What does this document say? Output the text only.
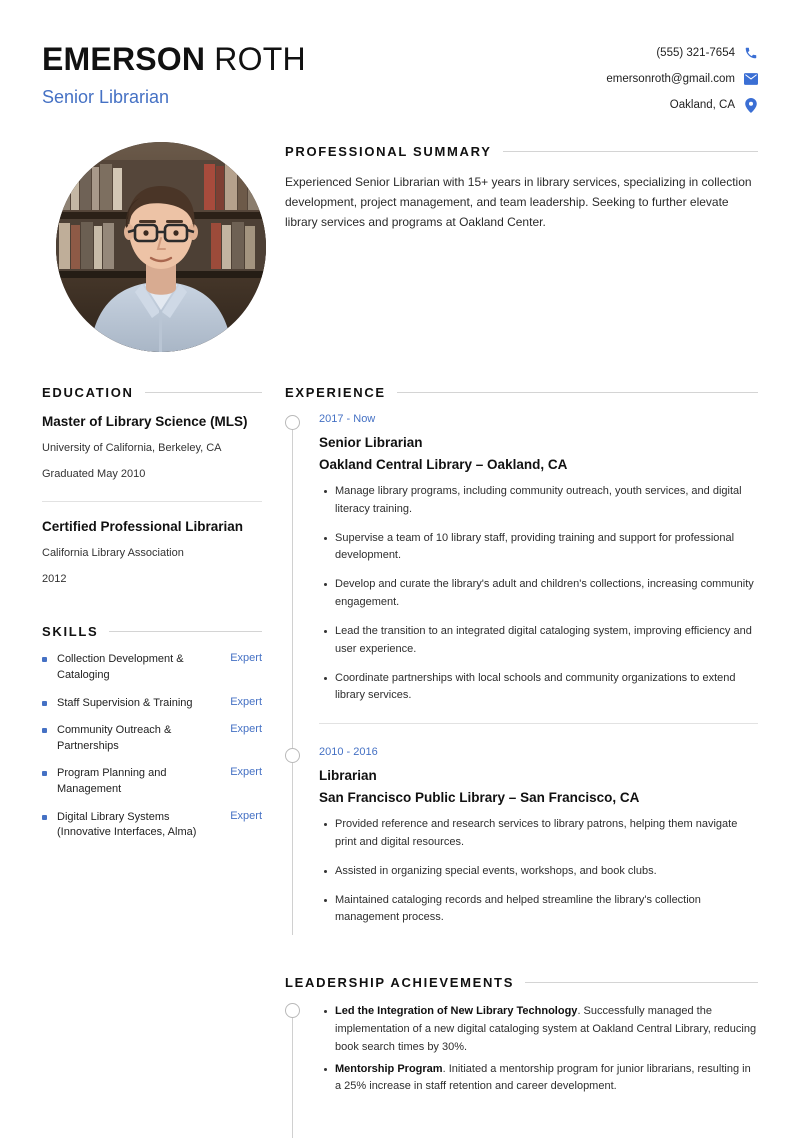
EMERSON ROTH
Senior Librarian
(555) 321-7654
emersonroth@gmail.com
Oakland, CA
PROFESSIONAL SUMMARY

Experienced Senior Librarian with 15+ years in library services, specializing in collection development, project management, and team leadership. Seeking to further elevate library services and programs at Oakland Center.

EDUCATION
Master of Library Science (MLS)
University of California, Berkeley, CA
Graduated May 2010
Certified Professional Librarian
California Library Association
2012
SKILLS
Collection Development & Cataloging
Expert
Staff Supervision & Training	Expert
Community Outreach & Partnerships
Expert
Program Planning and Management
Expert
Digital Library Systems (Innovative Interfaces, Alma)
Expert
EXPERIENCE
2017 - Now
Senior Librarian
Oakland Central Library – Oakland, CA
Manage library programs, including community outreach, youth services, and digital literacy training.
Supervise a team of 10 library staff, providing training and support for professional development.
Develop and curate the library's adult and children's collections, increasing community engagement.
Lead the transition to an integrated digital cataloging system, improving efficiency and user experience.
Coordinate partnerships with local schools and community organizations to extend library services.
2010 - 2016
Librarian
San Francisco Public Library – San Francisco, CA
Provided reference and research services to library patrons, helping them navigate print and digital resources.
Assisted in organizing special events, workshops, and book clubs.
Maintained cataloging records and helped streamline the library's collection management process.
LEADERSHIP ACHIEVEMENTS
Led the Integration of New Library Technology. Successfully managed the implementation of a new digital cataloging system at Oakland Central Library, reducing book search times by 30%.
Mentorship Program. Initiated a mentorship program for junior librarians, resulting in a 25% increase in staff retention and career development.
